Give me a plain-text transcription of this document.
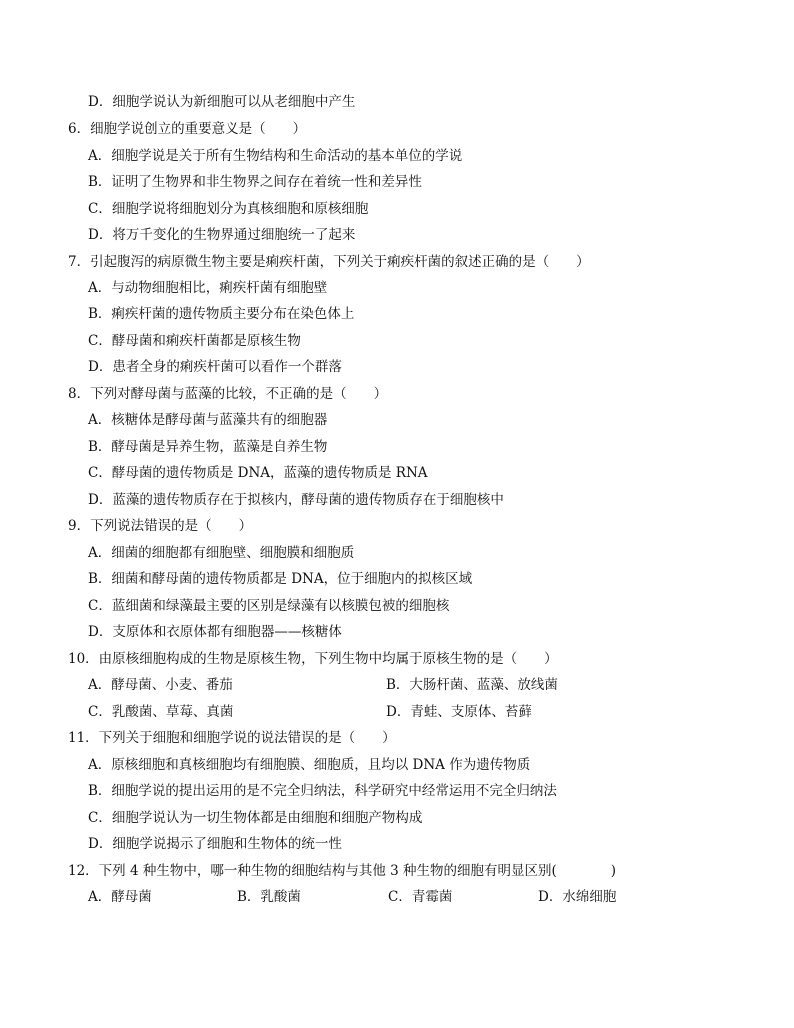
D．细胞学说认为新细胞可以从老细胞中产生
6．细胞学说创立的重要意义是（　　）
A．细胞学说是关于所有生物结构和生命活动的基本单位的学说
B．证明了生物界和非生物界之间存在着统一性和差异性
C．细胞学说将细胞划分为真核细胞和原核细胞
D．将万千变化的生物界通过细胞统一了起来
7．引起腹泻的病原微生物主要是痢疾杆菌，下列关于痢疾杆菌的叙述正确的是（　　）
A．与动物细胞相比，痢疾杆菌有细胞壁
B．痢疾杆菌的遗传物质主要分布在染色体上
C．酵母菌和痢疾杆菌都是原核生物
D．患者全身的痢疾杆菌可以看作一个群落
8．下列对酵母菌与蓝藻的比较，不正确的是（　　）
A．核糖体是酵母菌与蓝藻共有的细胞器
B．酵母菌是异养生物，蓝藻是自养生物
C．酵母菌的遗传物质是 DNA，蓝藻的遗传物质是 RNA
D．蓝藻的遗传物质存在于拟核内，酵母菌的遗传物质存在于细胞核中
9．下列说法错误的是（　　）
A．细菌的细胞都有细胞壁、细胞膜和细胞质
B．细菌和酵母菌的遗传物质都是 DNA，位于细胞内的拟核区域
C．蓝细菌和绿藻最主要的区别是绿藻有以核膜包被的细胞核
D．支原体和衣原体都有细胞器——核糖体
10．由原核细胞构成的生物是原核生物，下列生物中均属于原核生物的是（　　）
A．酵母菌、小麦、番茄	B．大肠杆菌、蓝藻、放线菌
C．乳酸菌、草莓、真菌	D．青蛙、支原体、苔藓
11．下列关于细胞和细胞学说的说法错误的是（　　）
A．原核细胞和真核细胞均有细胞膜、细胞质，且均以 DNA 作为遗传物质
B．细胞学说的提出运用的是不完全归纳法，科学研究中经常运用不完全归纳法
C．细胞学说认为一切生物体都是由细胞和细胞产物构成
D．细胞学说揭示了细胞和生物体的统一性
12．下列 4 种生物中，哪一种生物的细胞结构与其他 3 种生物的细胞有明显区别(　　　　)
A．酵母菌	B．乳酸菌	C．青霉菌	D．水绵细胞
